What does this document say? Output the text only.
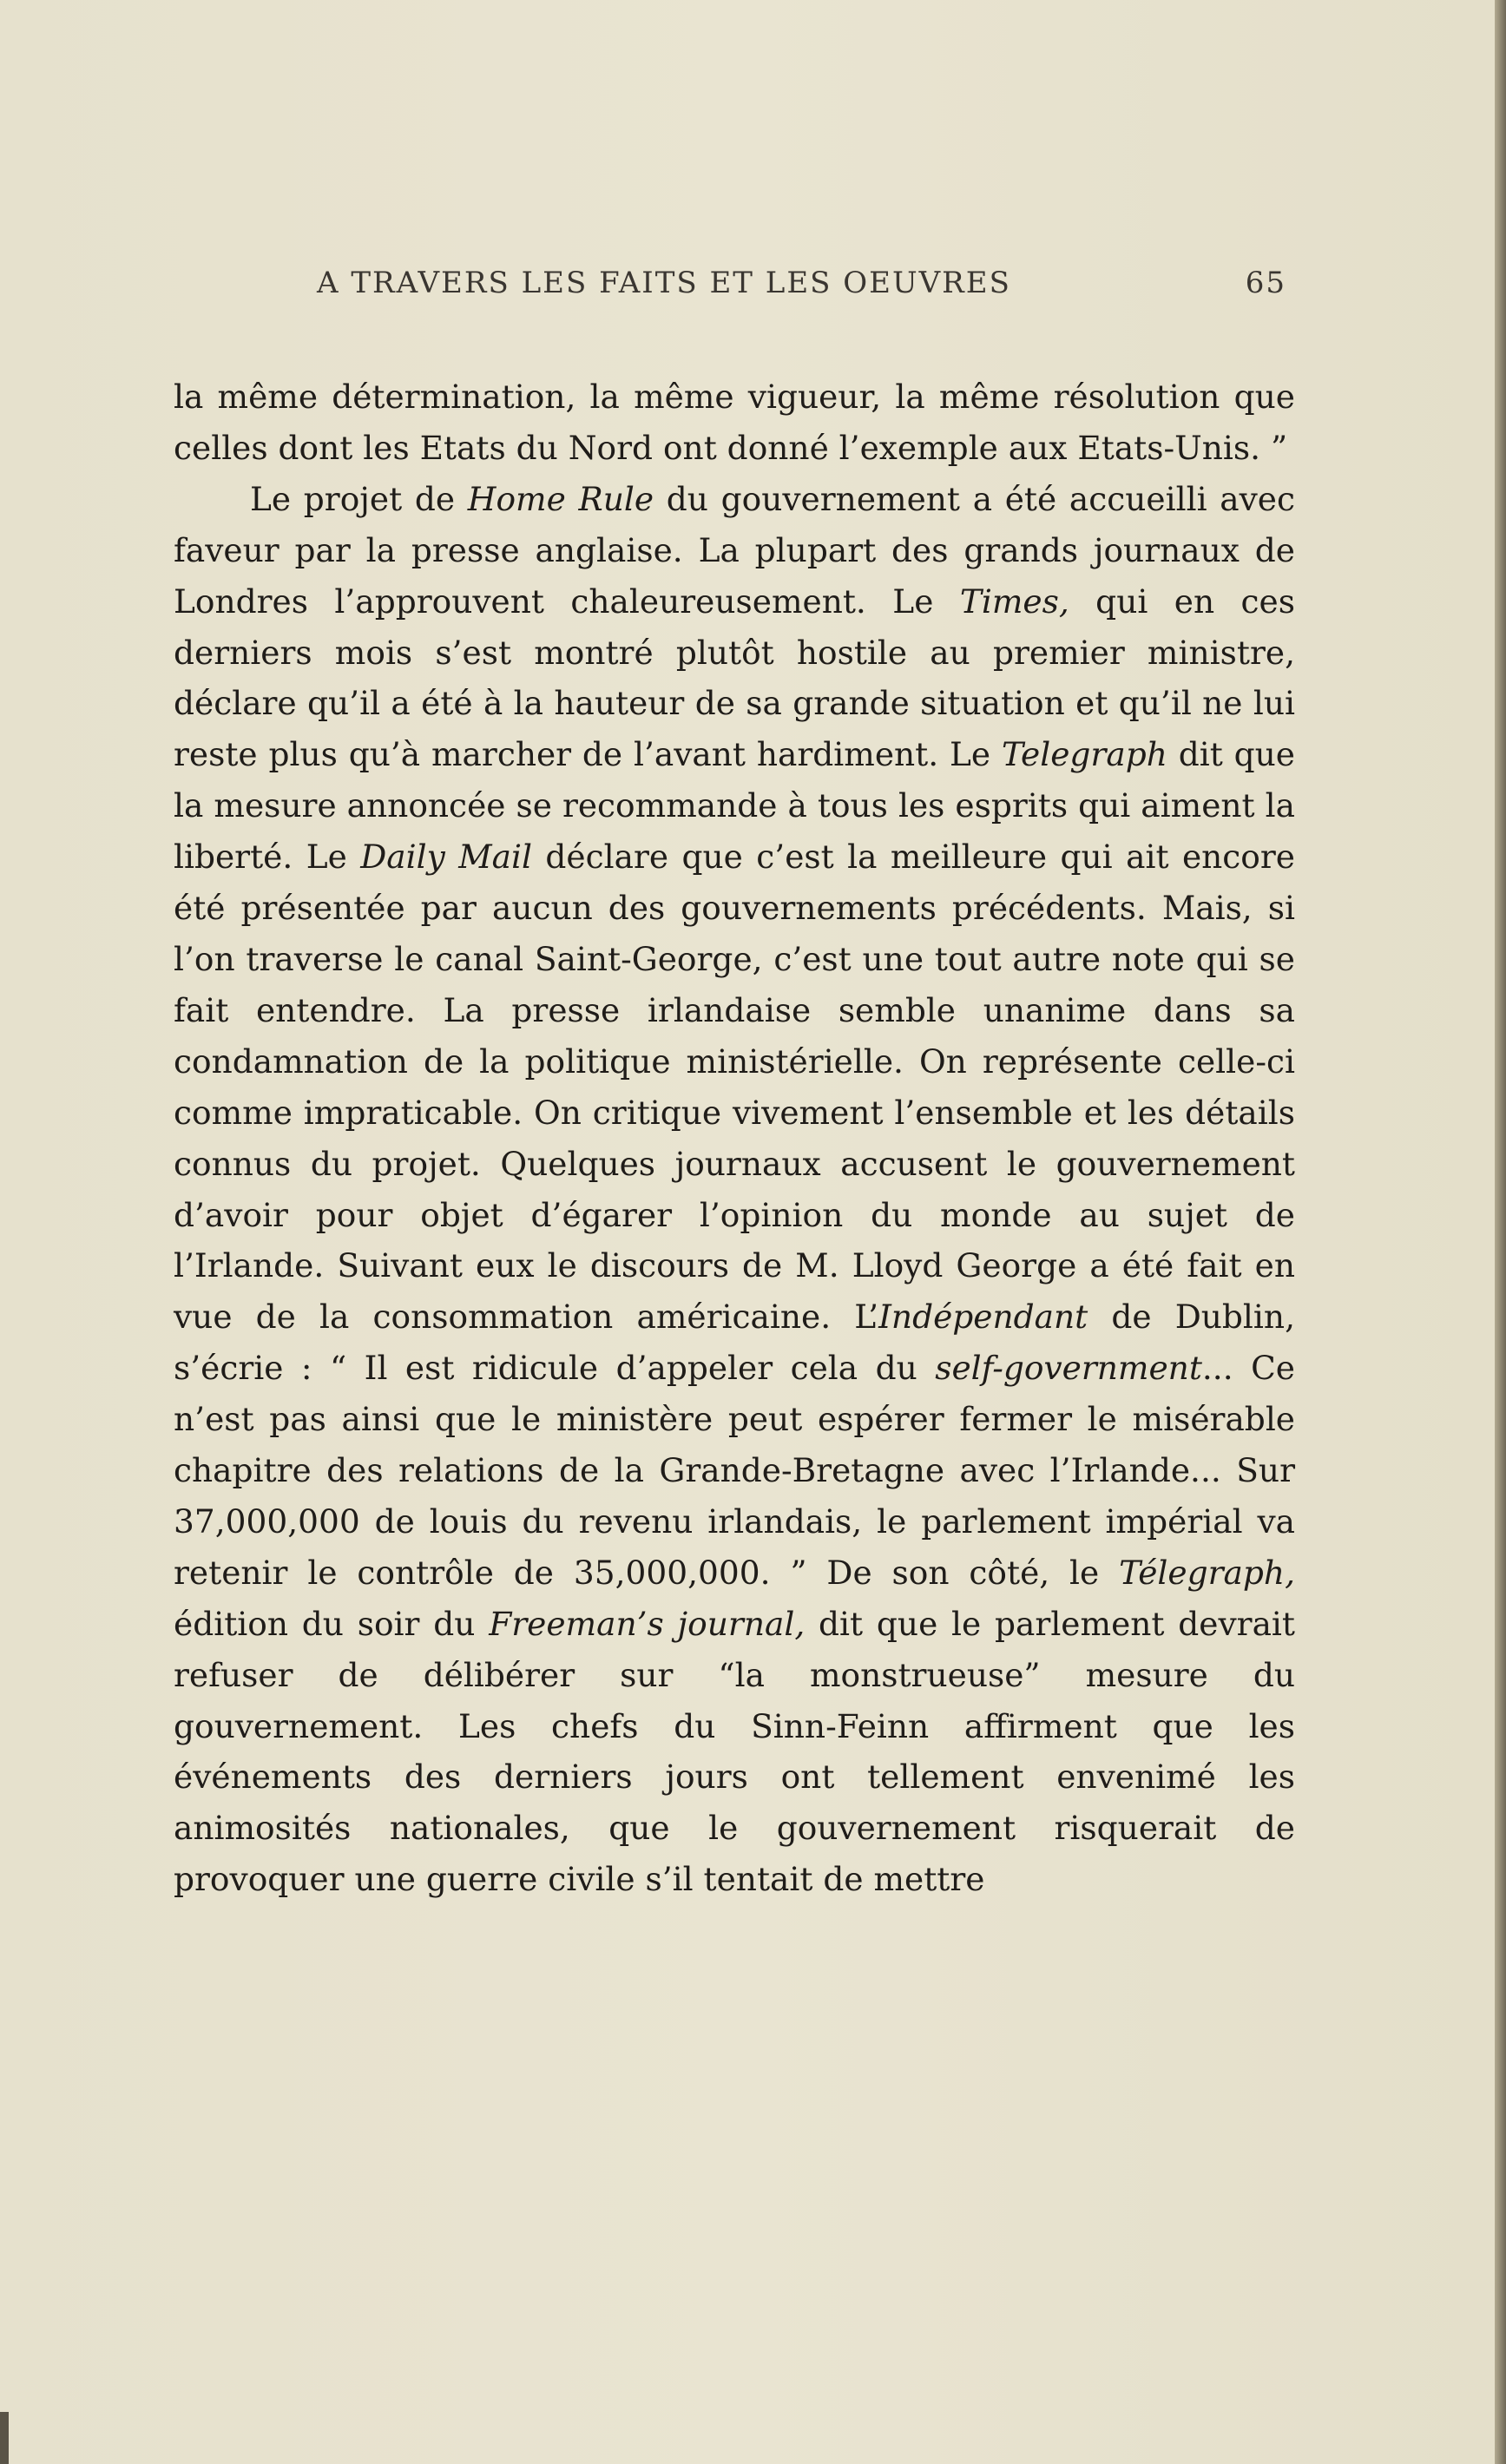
A TRAVERS LES FAITS ET LES OEUVRES	65

la même détermination, la même vigueur, la même résolution que celles dont les Etats du Nord ont donné l’exemple aux Etats-Unis. ”

Le projet de Home Rule du gouvernement a été accueilli avec faveur par la presse anglaise. La plupart des grands journaux de Londres l’approuvent chaleureusement. Le Times, qui en ces derniers mois s’est montré plutôt hostile au premier ministre, déclare qu’il a été à la hauteur de sa grande situation et qu’il ne lui reste plus qu’à marcher de l’avant hardiment. Le Telegraph dit que la mesure annoncée se recommande à tous les esprits qui aiment la liberté. Le Daily Mail déclare que c’est la meilleure qui ait encore été présentée par aucun des gouvernements précédents. Mais, si l’on traverse le canal Saint-George, c’est une tout autre note qui se fait entendre. La presse irlandaise semble unanime dans sa condamnation de la politique ministérielle. On représente celle-ci comme impraticable. On critique vivement l’ensemble et les détails connus du projet. Quelques journaux accusent le gouvernement d’avoir pour objet d’égarer l’opinion du monde au sujet de l’Irlande. Suivant eux le discours de M. Lloyd George a été fait en vue de la consommation américaine. L’Indépendant de Dublin, s’écrie : “ Il est ridicule d’appeler cela du self-government... Ce n’est pas ainsi que le ministère peut espérer fermer le misérable chapitre des relations de la Grande-Bretagne avec l’Irlande... Sur 37,000,000 de louis du revenu irlandais, le parlement impérial va retenir le contrôle de 35,000,000. ” De son côté, le Télegraph, édition du soir du Freeman’s journal, dit que le parlement devrait refuser de délibérer sur “la monstrueuse” mesure du gouvernement. Les chefs du Sinn-Feinn affirment que les événements des derniers jours ont tellement envenimé les animosités nationales, que le gouvernement risquerait de provoquer une guerre civile s’il tentait de mettre
